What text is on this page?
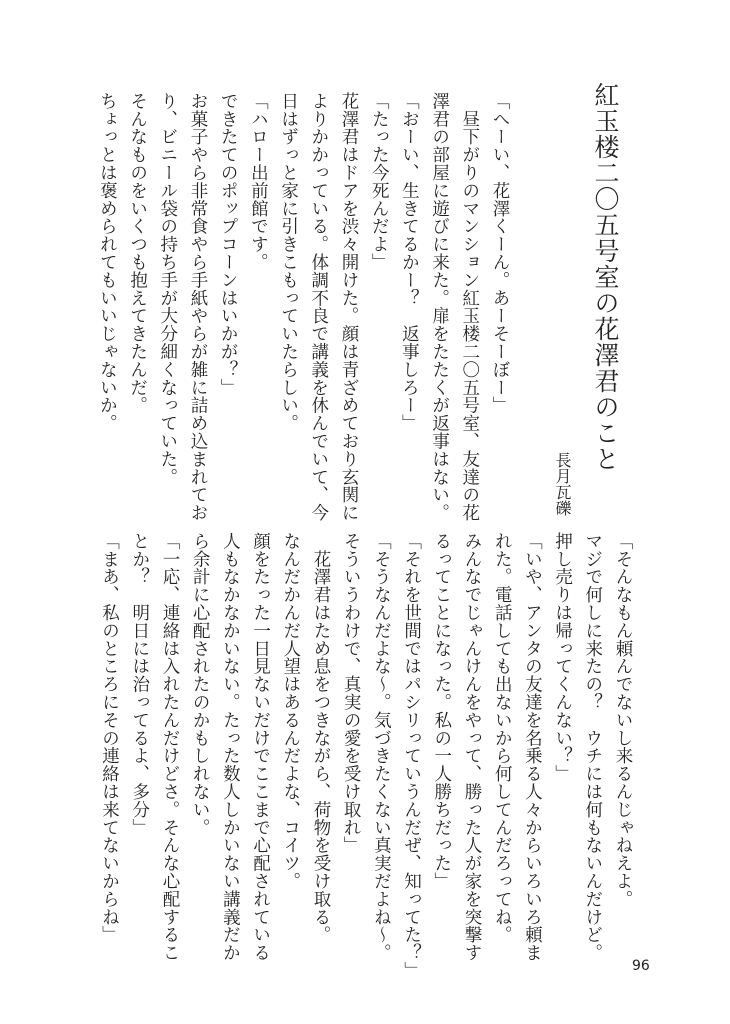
紅玉楼二〇五号室の花澤君のこと
長月瓦礫
「へーい、花澤くーん。あーそーぼー」
　昼下がりのマンション紅玉楼二〇五号室、友達の花
澤君の部屋に遊びに来た。扉をたたくが返事はない。
「おーい、生きてるかー？　返事しろー」
「たった今死んだよ」
花澤君はドアを渋々開けた。顔は青ざめており玄関に
よりかかっている。体調不良で講義を休んでいて、今
日はずっと家に引きこもっていたらしい。
「ハロー出前館です。
できたてのポップコーンはいかが？」
お菓子やら非常食やら手紙やらが雑に詰め込まれてお
り、ビニール袋の持ち手が大分細くなっていた。
そんなものをいくつも抱えてきたんだ。
ちょっとは褒められてもいいじゃないか。
「そんなもん頼んでないし来るんじゃねえよ。
マジで何しに来たの？　ウチには何もないんだけど。
押し売りは帰ってくんない？」
「いや、アンタの友達を名乗る人々からいろいろ頼ま
れた。電話しても出ないから何してんだろってね。
みんなでじゃんけんをやって、勝った人が家を突撃す
るってことになった。私の一人勝ちだった」
「それを世間ではパシリっていうんだぜ、知ってた？」
「そうなんだよな～。気づきたくない真実だよね～。
そういうわけで、真実の愛を受け取れ」
　花澤君はため息をつきながら、荷物を受け取る。
なんだかんだ人望はあるんだよな、コイツ。
顔をたった一日見ないだけでここまで心配されている
人もなかなかいない。たった数人しかいない講義だか
ら余計に心配されたのかもしれない。
「一応、連絡は入れたんだけどさ。そんな心配するこ
とか？　明日には治ってるよ、多分」
「まあ、私のところにその連絡は来てないからね」
96
